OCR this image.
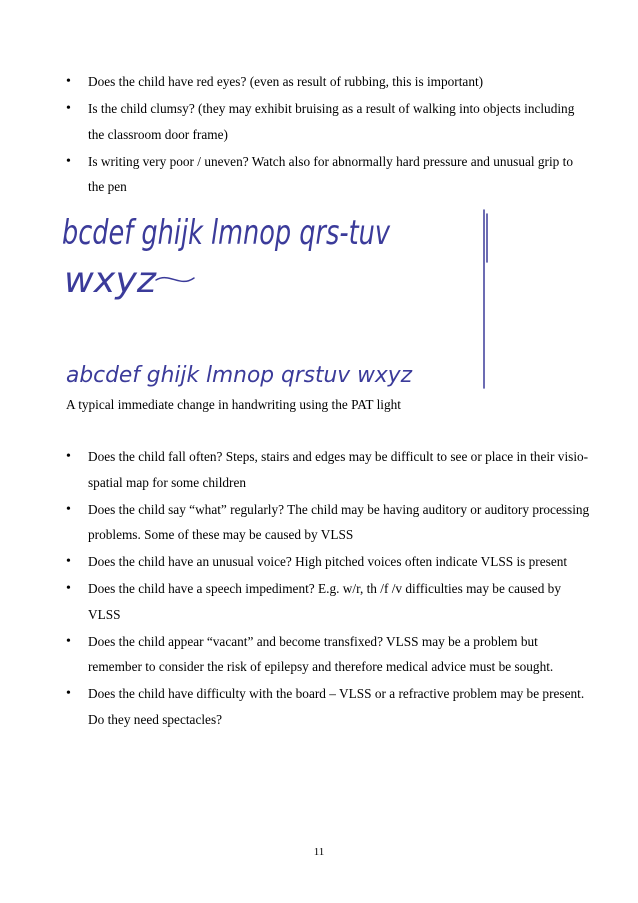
• Does the child have red eyes? (even as result of rubbing, this is important)
• Is the child clumsy? (they may exhibit bruising as a result of walking into objects including the classroom door frame)
• Is writing very poor / uneven? Watch also for abnormally hard pressure and unusual grip to the pen
bcdef ghijk lmnop qrs-tuv
wxyz
abcdef ghijk lmnop qrstuv wxyz
A typical immediate change in handwriting using the PAT light
• Does the child fall often? Steps, stairs and edges may be difficult to see or place in their visio-spatial map for some children
• Does the child say “what” regularly? The child may be having auditory or auditory processing problems. Some of these may be caused by VLSS
• Does the child have an unusual voice? High pitched voices often indicate VLSS is present
• Does the child have a speech impediment? E.g. w/r, th /f /v difficulties may be caused by VLSS
• Does the child appear “vacant” and become transfixed? VLSS may be a problem but remember to consider the risk of epilepsy and therefore medical advice must be sought.
• Does the child have difficulty with the board – VLSS or a refractive problem may be present. Do they need spectacles?
11
